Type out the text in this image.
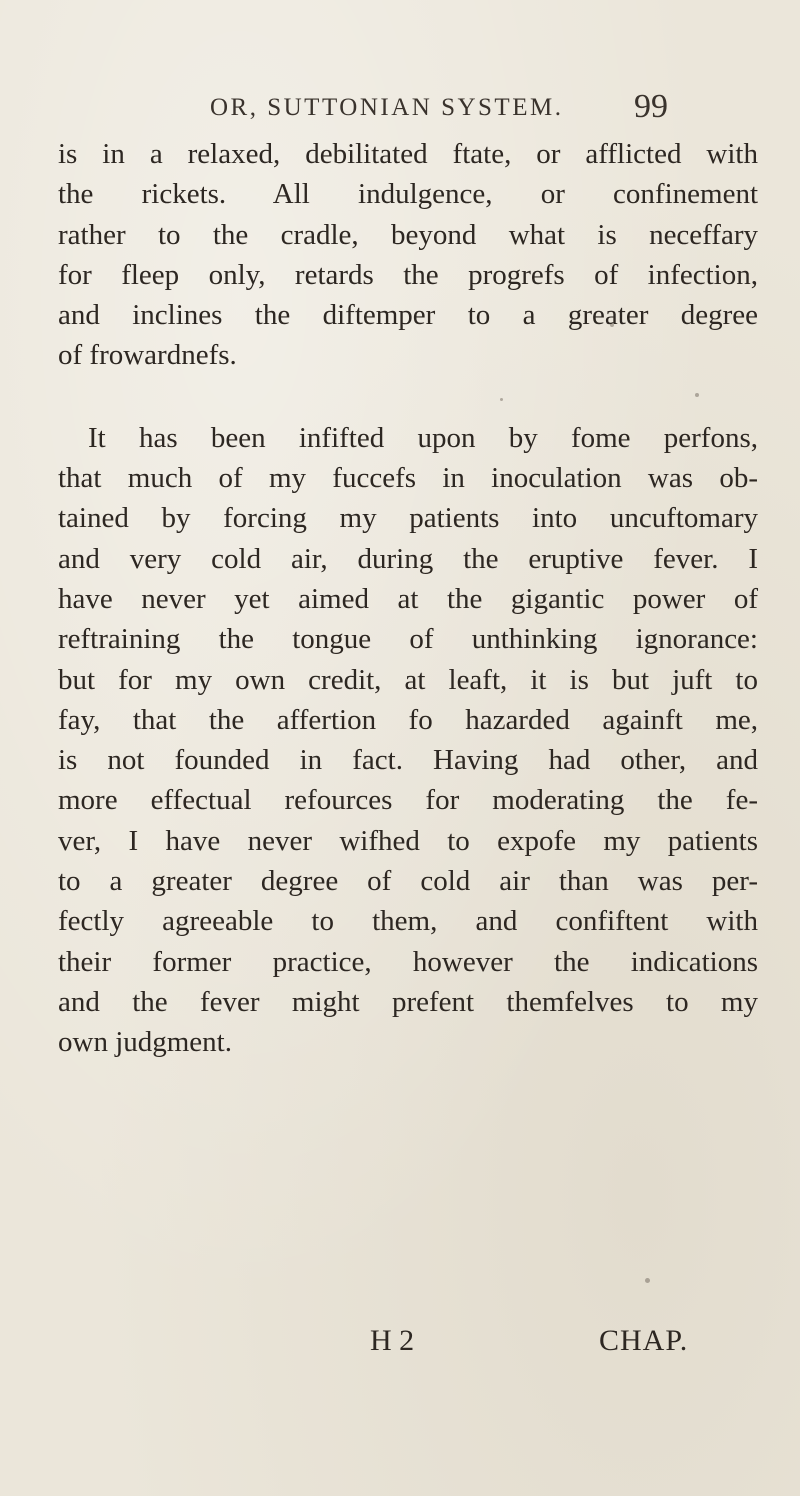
OR, SUTTONIAN SYSTEM. 99

is in a relaxed, debilitated ftate, or afflicted with
the rickets. All indulgence, or confinement
rather to the cradle, beyond what is neceffary
for fleep only, retards the progrefs of infection,
and inclines the diftemper to a greater degree
of frowardnefs.

It has been infifted upon by fome perfons,
that much of my fuccefs in inoculation was ob-
tained by forcing my patients into uncuftomary
and very cold air, during the eruptive fever. I
have never yet aimed at the gigantic power of
reftraining the tongue of unthinking ignorance:
but for my own credit, at leaft, it is but juft to
fay, that the affertion fo hazarded againft me,
is not founded in fact. Having had other, and
more effectual refources for moderating the fe-
ver, I have never wifhed to expofe my patients
to a greater degree of cold air than was per-
fectly agreeable to them, and confiftent with
their former practice, however the indications
and the fever might prefent themfelves to my
own judgment.

H 2	CHAP.
